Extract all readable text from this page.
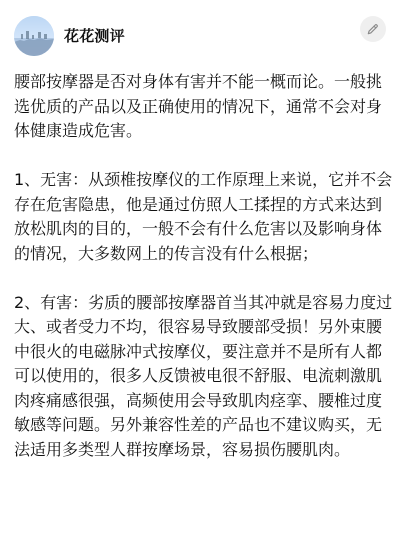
花花测评

腰部按摩器是否对身体有害并不能一概而论。一般挑选优质的产品以及正确使用的情况下，通常不会对身体健康造成危害。

1、无害：从颈椎按摩仪的工作原理上来说，它并不会存在危害隐患，他是通过仿照人工揉捏的方式来达到放松肌肉的目的，一般不会有什么危害以及影响身体的情况，大多数网上的传言没有什么根据；

2、有害：劣质的腰部按摩器首当其冲就是容易力度过大、或者受力不均，很容易导致腰部受损！另外束腰中很火的电磁脉冲式按摩仪，要注意并不是所有人都可以使用的，很多人反馈被电很不舒服、电流刺激肌肉疼痛感很强，高频使用会导致肌肉痉挛、腰椎过度敏感等问题。另外兼容性差的产品也不建议购买，无法适用多类型人群按摩场景，容易损伤腰肌肉。
